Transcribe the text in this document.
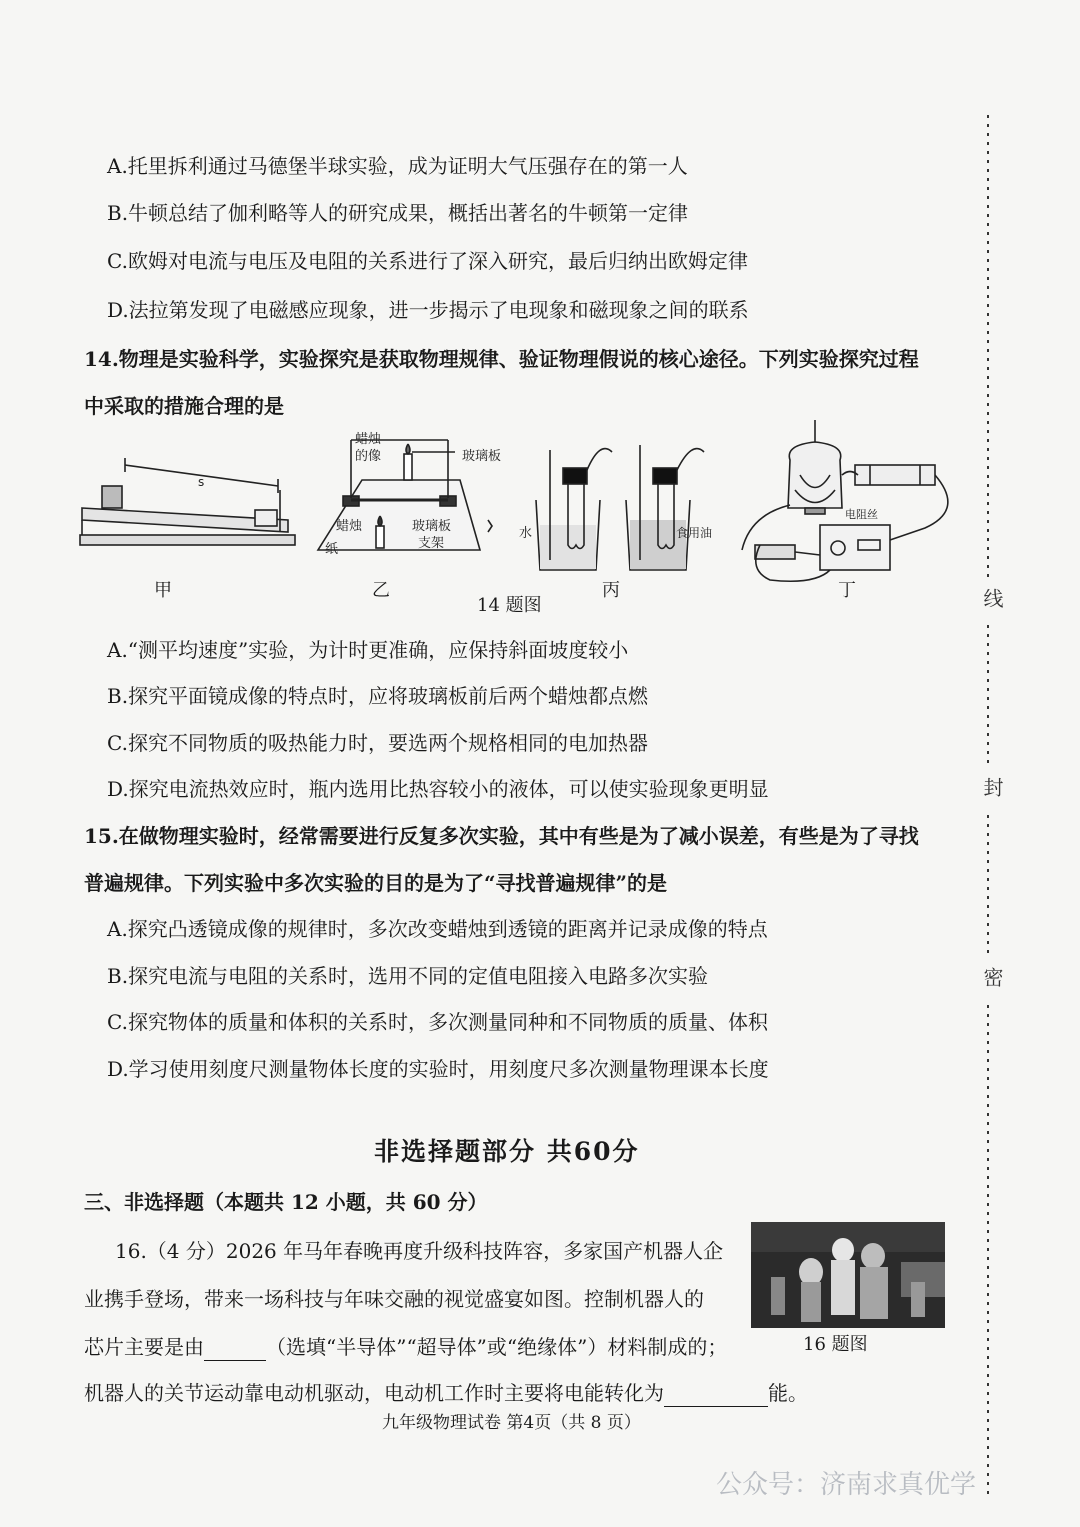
A.托里拆利通过马德堡半球实验，成为证明大气压强存在的第一人
B.牛顿总结了伽利略等人的研究成果，概括出著名的牛顿第一定律
C.欧姆对电流与电压及电阻的关系进行了深入研究，最后归纳出欧姆定律
D.法拉第发现了电磁感应现象，进一步揭示了电现象和磁现象之间的联系
14.物理是实验科学，实验探究是获取物理规律、验证物理假说的核心途径。下列实验探究过程
中采取的措施合理的是
s
蜡烛
的像	玻璃板
蜡烛
纸
玻璃板
支架
水	食用油
电阻丝
甲	乙	丙	丁
14 题图
A.“测平均速度”实验，为计时更准确，应保持斜面坡度较小
B.探究平面镜成像的特点时，应将玻璃板前后两个蜡烛都点燃
C.探究不同物质的吸热能力时，要选两个规格相同的电加热器
D.探究电流热效应时，瓶内选用比热容较小的液体，可以使实验现象更明显
15.在做物理实验时，经常需要进行反复多次实验，其中有些是为了减小误差，有些是为了寻找
普遍规律。下列实验中多次实验的目的是为了“寻找普遍规律”的是
A.探究凸透镜成像的规律时，多次改变蜡烛到透镜的距离并记录成像的特点
B.探究电流与电阻的关系时，选用不同的定值电阻接入电路多次实验
C.探究物体的质量和体积的关系时，多次测量同种和不同物质的质量、体积
D.学习使用刻度尺测量物体长度的实验时，用刻度尺多次测量物理课本长度
非选择题部分 共60分
三、非选择题（本题共 12 小题，共 60 分）
16.（4 分）2026 年马年春晚再度升级科技阵容，多家国产机器人企
业携手登场，带来一场科技与年味交融的视觉盛宴如图。控制机器人的
芯片主要是由	（选填“半导体”“超导体”或“绝缘体”）材料制成的；
机器人的关节运动靠电动机驱动，电动机工作时主要将电能转化为	能。
16 题图
线
封
密
九年级物理试卷 第4页（共 8 页）
公众号：济南求真优学
